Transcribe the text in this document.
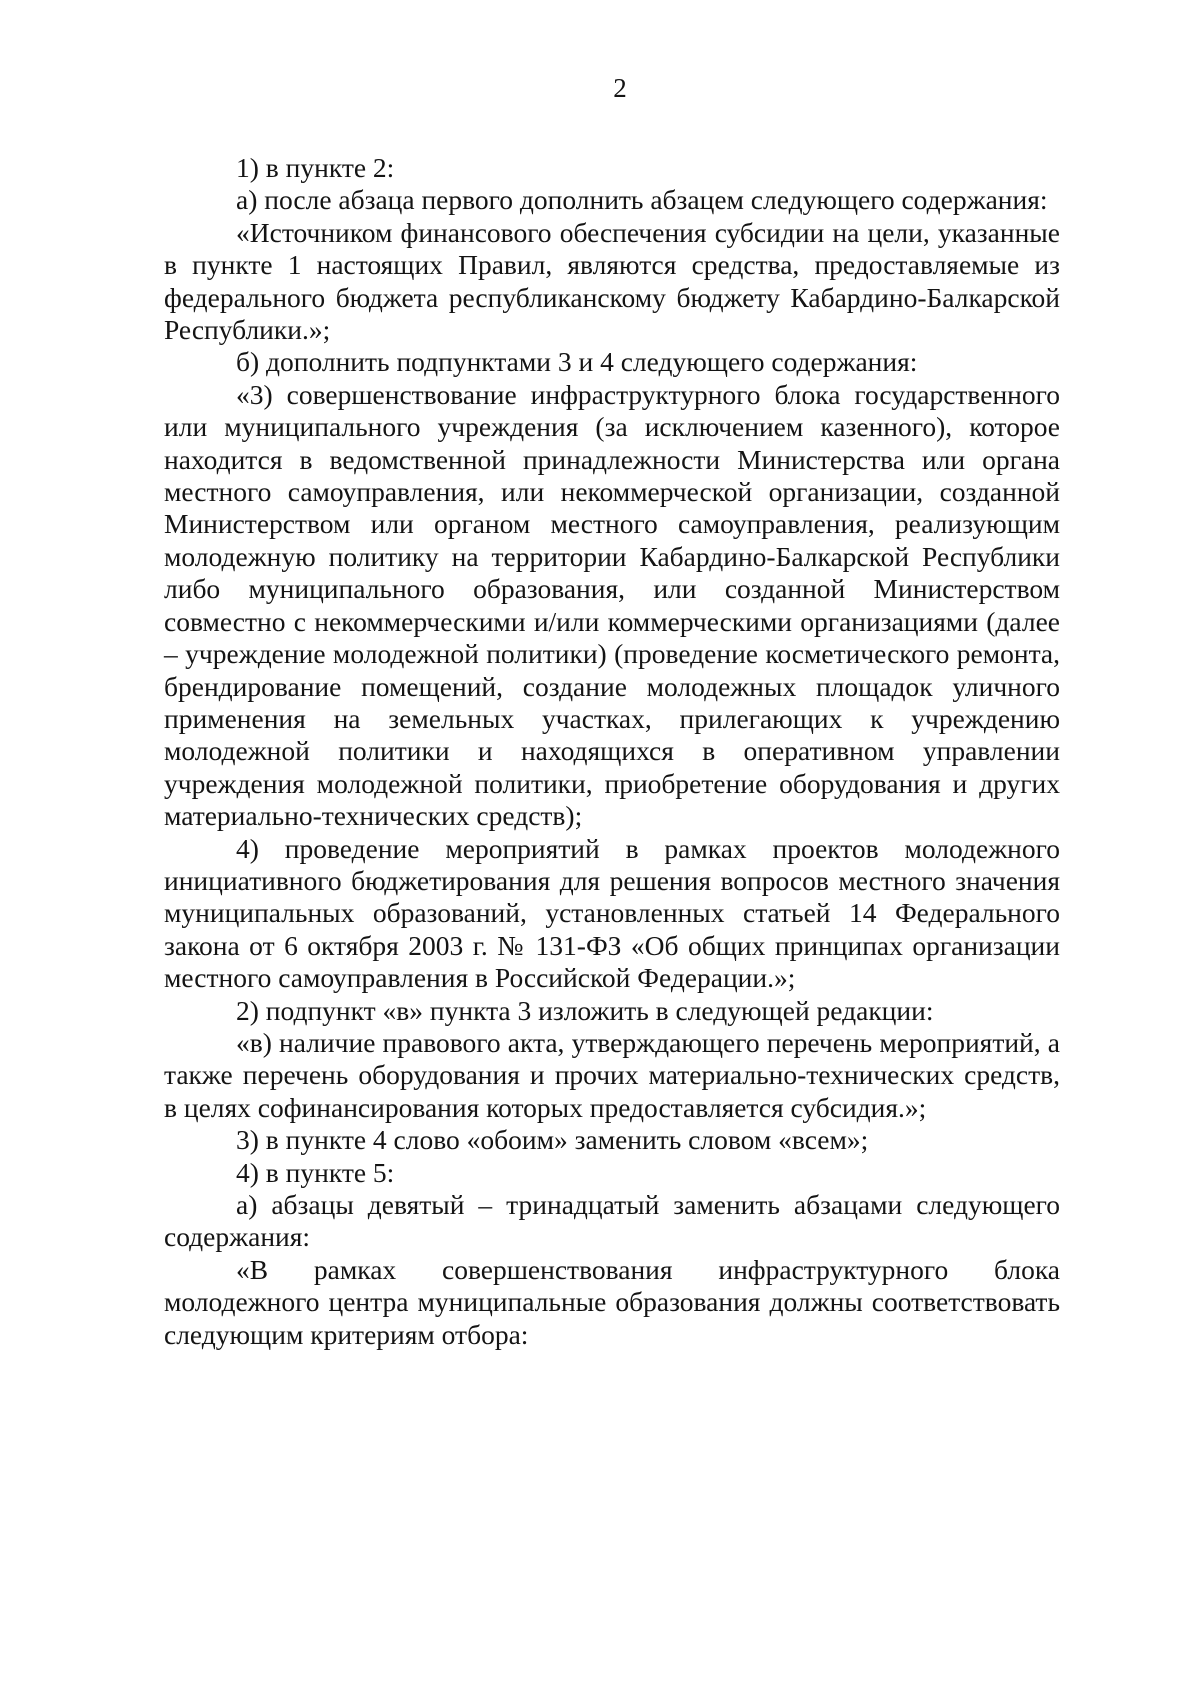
2

1) в пункте 2:

а) после абзаца первого дополнить абзацем следующего содержания:

«Источником финансового обеспечения субсидии на цели, указанные в пункте 1 настоящих Правил, являются средства, предоставляемые из федерального бюджета республиканскому бюджету Кабардино-Балкарской Республики.»;

б) дополнить подпунктами 3 и 4 следующего содержания:

«3) совершенствование инфраструктурного блока государственного или муниципального учреждения (за исключением казенного), которое находится в ведомственной принадлежности Министерства или органа местного самоуправления, или некоммерческой организации, созданной Министерством или органом местного самоуправления, реализующим молодежную политику на территории Кабардино-Балкарской Республики либо муниципального образования, или созданной Министерством совместно с некоммерческими и/или коммерческими организациями (далее – учреждение молодежной политики) (проведение косметического ремонта, брендирование помещений, создание молодежных площадок уличного применения на земельных участках, прилегающих к учреждению молодежной политики и находящихся в оперативном управлении учреждения молодежной политики, приобретение оборудования и других материально-технических средств);

4) проведение мероприятий в рамках проектов молодежного инициативного бюджетирования для решения вопросов местного значения муниципальных образований, установленных статьей 14 Федерального закона от 6 октября 2003 г. № 131-ФЗ «Об общих принципах организации местного самоуправления в Российской Федерации.»;

2) подпункт «в» пункта 3 изложить в следующей редакции:

«в) наличие правового акта, утверждающего перечень мероприятий, а также перечень оборудования и прочих материально-технических средств, в целях софинансирования которых предоставляется субсидия.»;

3) в пункте 4 слово «обоим» заменить словом «всем»;

4) в пункте 5:

а) абзацы девятый – тринадцатый заменить абзацами следующего содержания:

«В рамках совершенствования инфраструктурного блока молодежного центра муниципальные образования должны соответствовать следующим критериям отбора:
